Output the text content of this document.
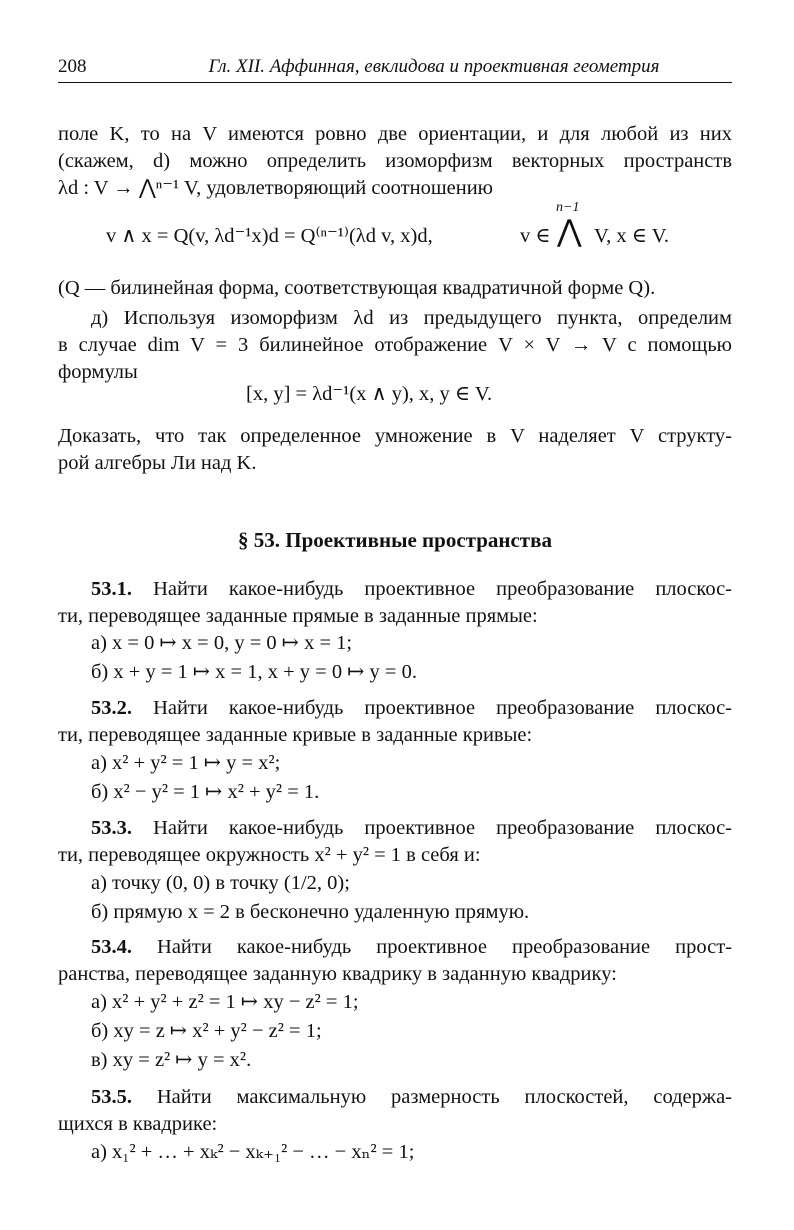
208	Гл. XII. Аффинная, евклидова и проективная геометрия
поле K, то на V имеются ровно две ориентации, и для любой из них
(скажем, d) можно определить изоморфизм векторных пространств
λd : V → ⋀ⁿ⁻¹ V, удовлетворяющий соотношению
v ∧ x = Q(v, λd⁻¹x)d = Q⁽ⁿ⁻¹⁾(λd v, x)d,	v ∈
n−1
⋀ V, x ∈ V.
(Q — билинейная форма, соответствующая квадратичной форме Q).
д) Используя изоморфизм λd из предыдущего пункта, определим
в случае dim V = 3 билинейное отображение V × V → V с помощью
формулы
[x, y] = λd⁻¹(x ∧ y), x, y ∈ V.
Доказать, что так определенное умножение в V наделяет V структу-
рой алгебры Ли над K.
§ 53. Проективные пространства
53.1. Найти какое-нибудь проективное преобразование плоскос-
ти, переводящее заданные прямые в заданные прямые:
а) x = 0 ↦ x = 0, y = 0 ↦ x = 1;
б) x + y = 1 ↦ x = 1, x + y = 0 ↦ y = 0.
53.2. Найти какое-нибудь проективное преобразование плоскос-
ти, переводящее заданные кривые в заданные кривые:
а) x² + y² = 1 ↦ y = x²;
б) x² − y² = 1 ↦ x² + y² = 1.
53.3. Найти какое-нибудь проективное преобразование плоскос-
ти, переводящее окружность x² + y² = 1 в себя и:
а) точку (0, 0) в точку (1/2, 0);
б) прямую x = 2 в бесконечно удаленную прямую.
53.4. Найти какое-нибудь проективное преобразование прост-
ранства, переводящее заданную квадрику в заданную квадрику:
а) x² + y² + z² = 1 ↦ xy − z² = 1;
б) xy = z ↦ x² + y² − z² = 1;
в) xy = z² ↦ y = x².
53.5. Найти максимальную размерность плоскостей, содержа-
щихся в квадрике:
а) x₁² + … + xₖ² − xₖ₊₁² − … − xₙ² = 1;
